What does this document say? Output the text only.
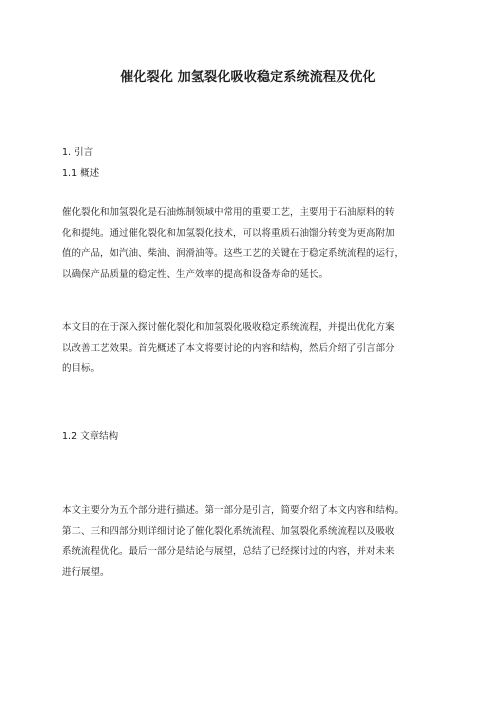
催化裂化 加氢裂化吸收稳定系统流程及优化
1. 引言
1.1 概述

催化裂化和加氢裂化是石油炼制领域中常用的重要工艺，主要用于石油原料的转

化和提纯。通过催化裂化和加氢裂化技术，可以将重质石油馏分转变为更高附加

值的产品，如汽油、柴油、润滑油等。这些工艺的关键在于稳定系统流程的运行，

以确保产品质量的稳定性、生产效率的提高和设备寿命的延长。

本文目的在于深入探讨催化裂化和加氢裂化吸收稳定系统流程，并提出优化方案

以改善工艺效果。首先概述了本文将要讨论的内容和结构，然后介绍了引言部分

的目标。

1.2 文章结构

本文主要分为五个部分进行描述。第一部分是引言，简要介绍了本文内容和结构。

第二、三和四部分则详细讨论了催化裂化系统流程、加氢裂化系统流程以及吸收

系统流程优化。最后一部分是结论与展望，总结了已经探讨过的内容，并对未来

进行展望。
